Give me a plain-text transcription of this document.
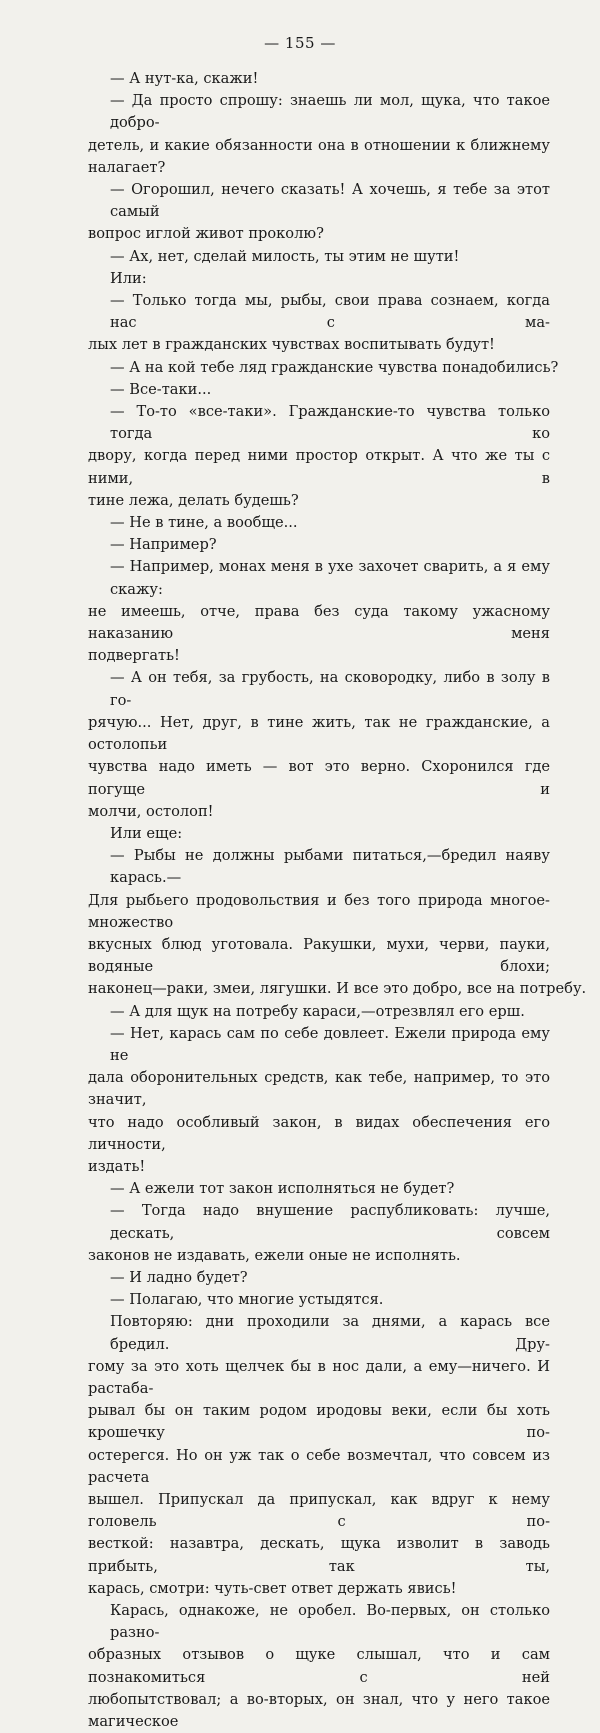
— 155 —
— А нут-ка, скажи!
— Да просто спрошу: знаешь ли мол, щука, что такое добро-
детель, и какие обязанности она в отношении к ближнему налагает?
— Огорошил, нечего сказать! А хочешь, я тебе за этот самый
вопрос иглой живот проколю?
— Ах, нет, сделай милость, ты этим не шути!
Или:
— Только тогда мы, рыбы, свои права сознаем, когда нас с ма-
лых лет в гражданских чувствах воспитывать будут!
— А на кой тебе ляд гражданские чувства понадобились?
— Все-таки...
— То-то «все-таки». Гражданские-то чувства только тогда ко
двору, когда перед ними простор открыт. А что же ты с ними, в
тине лежа, делать будешь?
— Не в тине, а вообще...
— Например?
— Например, монах меня в ухе захочет сварить, а я ему скажу:
не имеешь, отче, права без суда такому ужасному наказанию меня
подвергать!
— А он тебя, за грубость, на сковородку, либо в золу в го-
рячую... Нет, друг, в тине жить, так не гражданские, а остолопьи
чувства надо иметь — вот это верно. Схоронился где погуще и
молчи, остолоп!
Или еще:
— Рыбы не должны рыбами питаться,—бредил наяву карась.—
Для рыбьего продовольствия и без того природа многое-множество
вкусных блюд уготовала. Ракушки, мухи, черви, пауки, водяные блохи;
наконец—раки, змеи, лягушки. И все это добро, все на потребу.
— А для щук на потребу караси,—отрезвлял его ерш.
— Нет, карась сам по себе довлеет. Ежели природа ему не
дала оборонительных средств, как тебе, например, то это значит,
что надо особливый закон, в видах обеспечения его личности,
издать!
— А ежели тот закон исполняться не будет?
— Тогда надо внушение распубликовать: лучше, дескать, совсем
законов не издавать, ежели оные не исполнять.
— И ладно будет?
— Полагаю, что многие устыдятся.
Повторяю: дни проходили за днями, а карась все бредил. Дру-
гому за это хоть щелчек бы в нос дали, а ему—ничего. И растаба-
рывал бы он таким родом иродовы веки, если бы хоть крошечку по-
остерегся. Но он уж так о себе возмечтал, что совсем из расчета
вышел. Припускал да припускал, как вдруг к нему головель с по-
весткой: назавтра, дескать, щука изволит в заводь прибыть, так ты,
карась, смотри: чуть-свет ответ держать явись!
Карась, однакоже, не оробел. Во-первых, он столько разно-
образных отзывов о щуке слышал, что и сам познакомиться с ней
любопытствовал; а во-вторых, он знал, что у него такое магическое
